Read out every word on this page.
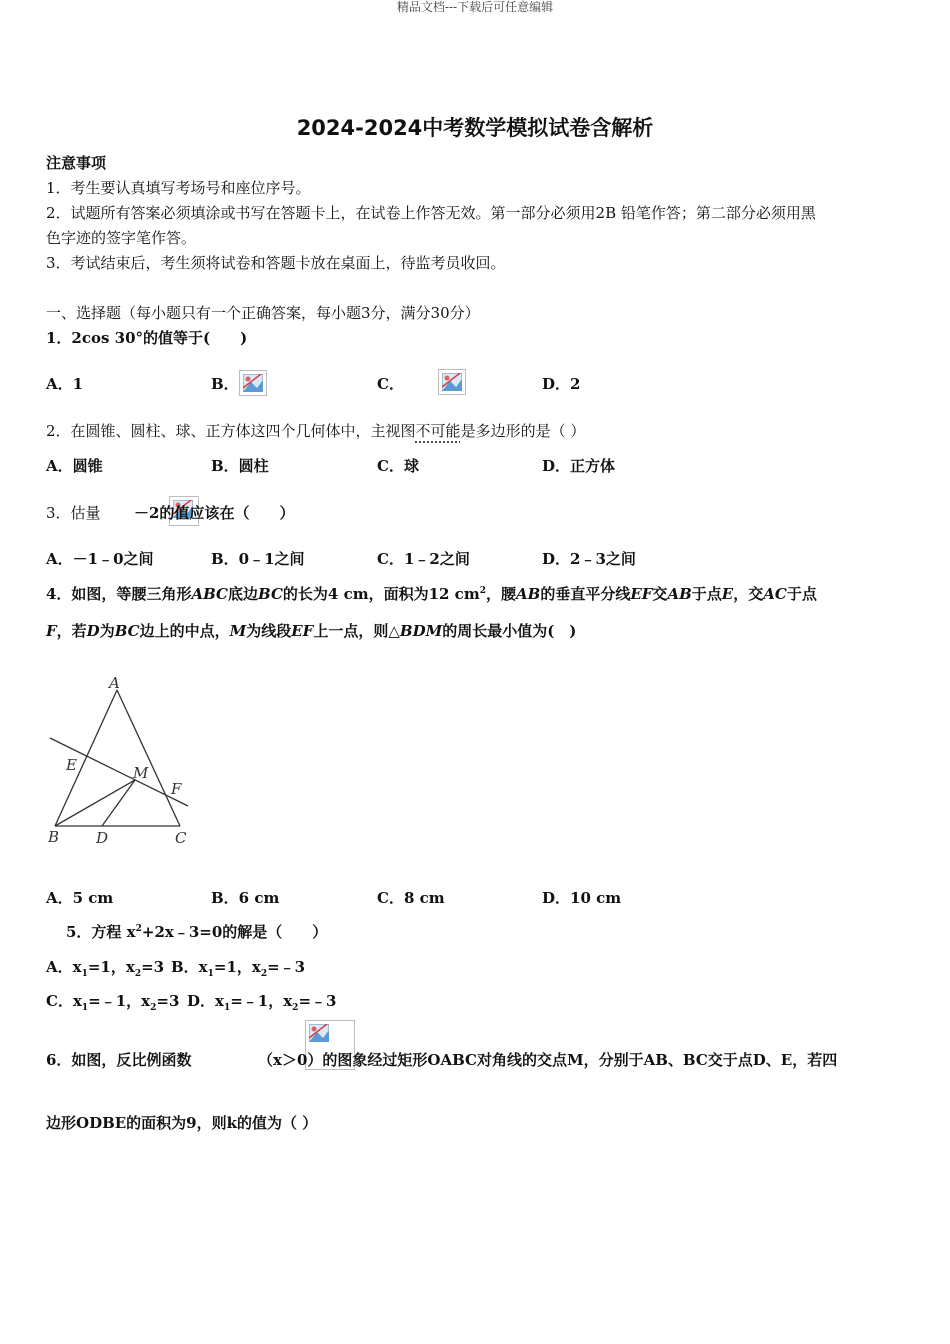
精品文档---下载后可任意编辑
2024-2024中考数学模拟试卷含解析
注意事项
1．考生要认真填写考场号和座位序号。
2．试题所有答案必须填涂或书写在答题卡上，在试卷上作答无效。第一部分必须用2B 铅笔作答；第二部分必须用黑
色字迹的签字笔作答。
3．考试结束后，考生须将试卷和答题卡放在桌面上，待监考员收回。
一、选择题（每小题只有一个正确答案，每小题3分，满分30分）
1．2cos 30°的值等于(　　)
A．1	B．
	C．
	D．2
2．在圆锥、圆柱、球、正方体这四个几何体中，主视图不可能是多边形的是（ ）
A．圆锥	B．圆柱	C．球	D．正方体
3．估量
－2的值应该在（　　）
A．－1﹣0之间	B．0﹣1之间	C．1﹣2之间	D．2﹣3之间
4．如图，等腰三角形ABC底边BC的长为4 cm，面积为12 $cm^2$，腰AB的垂直平分线EF交AB于点E，交AC于点
F，若D为BC边上的中点，M为线段EF上一点，则△BDM的周长最小值为(　)
A
B	C
D
E
F
M
A．5 cm	B．6 cm	C．8 cm	D．10 cm
5．方程 $x^2+2x﹣3=0$的解是（　　）
A．$x_1=1$，$x_2=3$ B．$x_1=1$，$x_2=﹣3$
C．$x_1=﹣1$，$x_2=3$ D．$x_1=﹣1$，$x_2=﹣3$
6．如图，反比例函数	（x＞0）的图象经过矩形OABC对角线的交点M，分别于AB、BC交于点D、E，若四
边形ODBE的面积为9，则k的值为（ ）
